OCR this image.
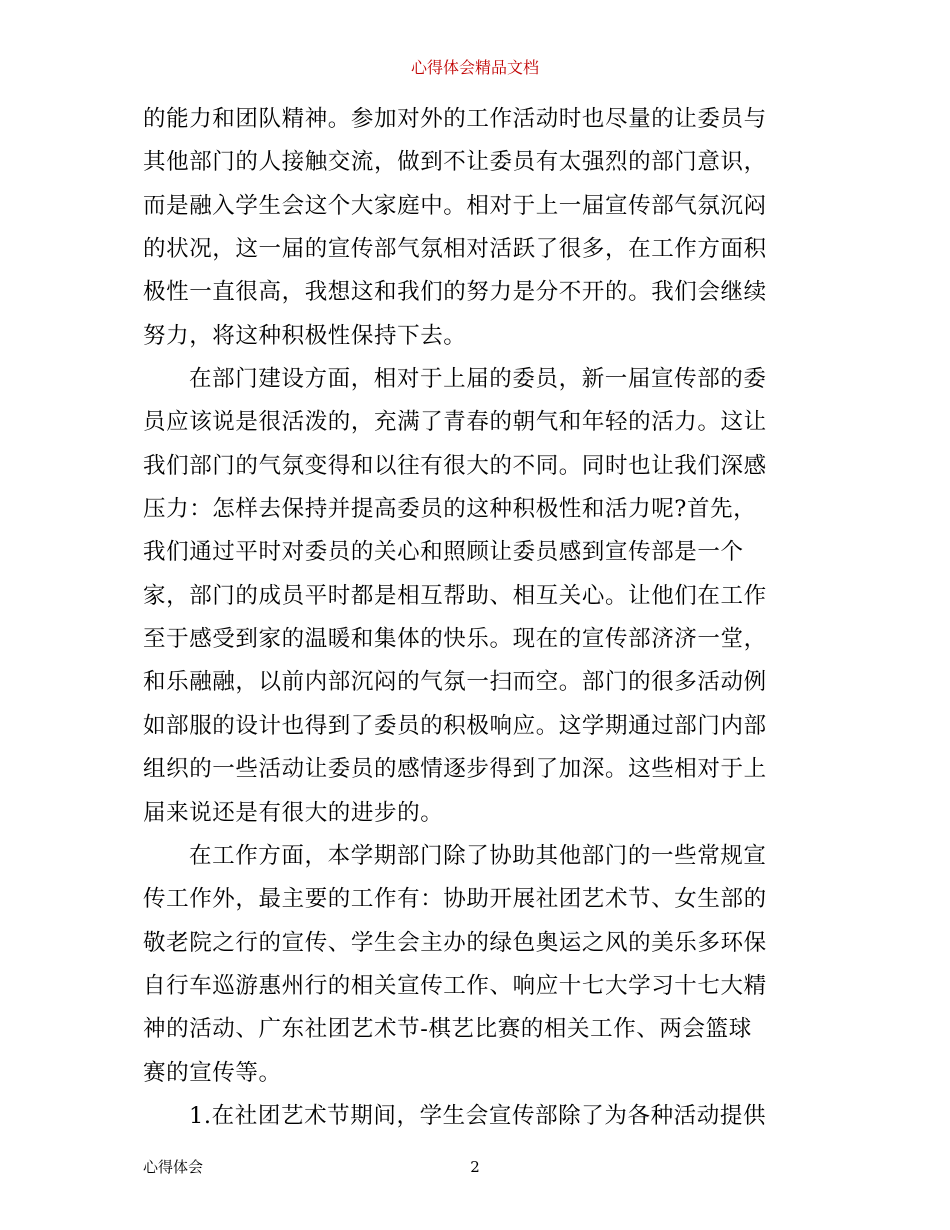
心得体会精品文档
的能力和团队精神。参加对外的工作活动时也尽量的让委员与
其他部门的人接触交流，做到不让委员有太强烈的部门意识，
而是融入学生会这个大家庭中。相对于上一届宣传部气氛沉闷
的状况，这一届的宣传部气氛相对活跃了很多，在工作方面积
极性一直很高，我想这和我们的努力是分不开的。我们会继续
努力，将这种积极性保持下去。
在部门建设方面，相对于上届的委员，新一届宣传部的委
员应该说是很活泼的，充满了青春的朝气和年轻的活力。这让
我们部门的气氛变得和以往有很大的不同。同时也让我们深感
压力：怎样去保持并提高委员的这种积极性和活力呢?首先，
我们通过平时对委员的关心和照顾让委员感到宣传部是一个
家，部门的成员平时都是相互帮助、相互关心。让他们在工作
至于感受到家的温暖和集体的快乐。现在的宣传部济济一堂，
和乐融融，以前内部沉闷的气氛一扫而空。部门的很多活动例
如部服的设计也得到了委员的积极响应。这学期通过部门内部
组织的一些活动让委员的感情逐步得到了加深。这些相对于上
届来说还是有很大的进步的。
在工作方面，本学期部门除了协助其他部门的一些常规宣
传工作外，最主要的工作有：协助开展社团艺术节、女生部的
敬老院之行的宣传、学生会主办的绿色奥运之风的美乐多环保
自行车巡游惠州行的相关宣传工作、响应十七大学习十七大精
神的活动、广东社团艺术节-棋艺比赛的相关工作、两会篮球
赛的宣传等。
1.在社团艺术节期间，学生会宣传部除了为各种活动提供
心得体会	2
